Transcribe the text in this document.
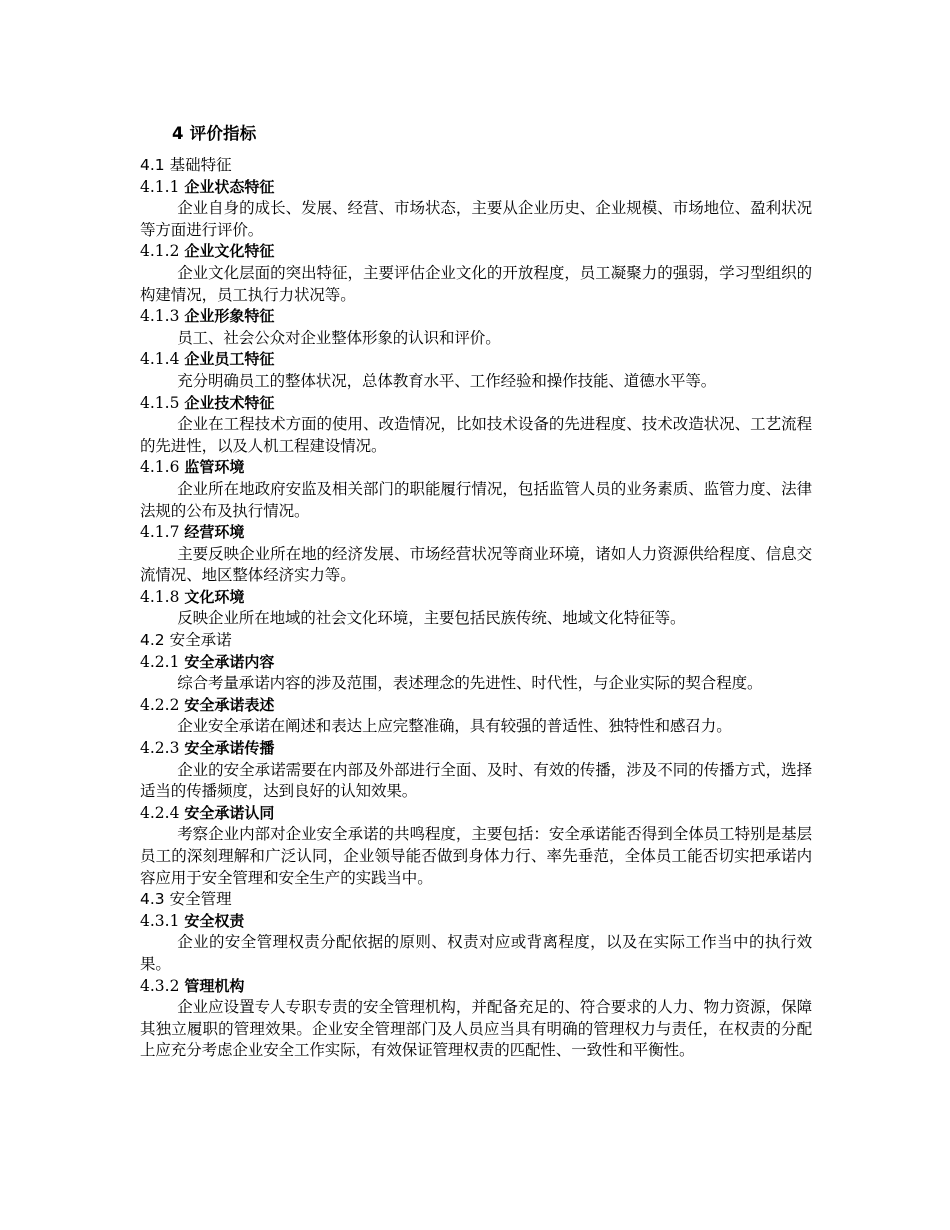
4 评价指标
4.1 基础特征
4.1.1 企业状态特征
企业自身的成长、发展、经营、市场状态，主要从企业历史、企业规模、市场地位、盈利状况等方面进行评价。
4.1.2 企业文化特征
企业文化层面的突出特征，主要评估企业文化的开放程度，员工凝聚力的强弱，学习型组织的构建情况，员工执行力状况等。
4.1.3 企业形象特征
员工、社会公众对企业整体形象的认识和评价。
4.1.4 企业员工特征
充分明确员工的整体状况，总体教育水平、工作经验和操作技能、道德水平等。
4.1.5 企业技术特征
企业在工程技术方面的使用、改造情况，比如技术设备的先进程度、技术改造状况、工艺流程的先进性，以及人机工程建设情况。
4.1.6 监管环境
企业所在地政府安监及相关部门的职能履行情况，包括监管人员的业务素质、监管力度、法律法规的公布及执行情况。
4.1.7 经营环境
主要反映企业所在地的经济发展、市场经营状况等商业环境，诸如人力资源供给程度、信息交流情况、地区整体经济实力等。
4.1.8 文化环境
反映企业所在地域的社会文化环境，主要包括民族传统、地域文化特征等。
4.2 安全承诺
4.2.1 安全承诺内容
综合考量承诺内容的涉及范围，表述理念的先进性、时代性，与企业实际的契合程度。
4.2.2 安全承诺表述
企业安全承诺在阐述和表达上应完整准确，具有较强的普适性、独特性和感召力。
4.2.3 安全承诺传播
企业的安全承诺需要在内部及外部进行全面、及时、有效的传播，涉及不同的传播方式，选择适当的传播频度，达到良好的认知效果。
4.2.4 安全承诺认同
考察企业内部对企业安全承诺的共鸣程度，主要包括：安全承诺能否得到全体员工特别是基层员工的深刻理解和广泛认同，企业领导能否做到身体力行、率先垂范，全体员工能否切实把承诺内容应用于安全管理和安全生产的实践当中。
4.3 安全管理
4.3.1 安全权责
企业的安全管理权责分配依据的原则、权责对应或背离程度，以及在实际工作当中的执行效果。
4.3.2 管理机构
企业应设置专人专职专责的安全管理机构，并配备充足的、符合要求的人力、物力资源，保障其独立履职的管理效果。企业安全管理部门及人员应当具有明确的管理权力与责任，在权责的分配上应充分考虑企业安全工作实际，有效保证管理权责的匹配性、一致性和平衡性。
